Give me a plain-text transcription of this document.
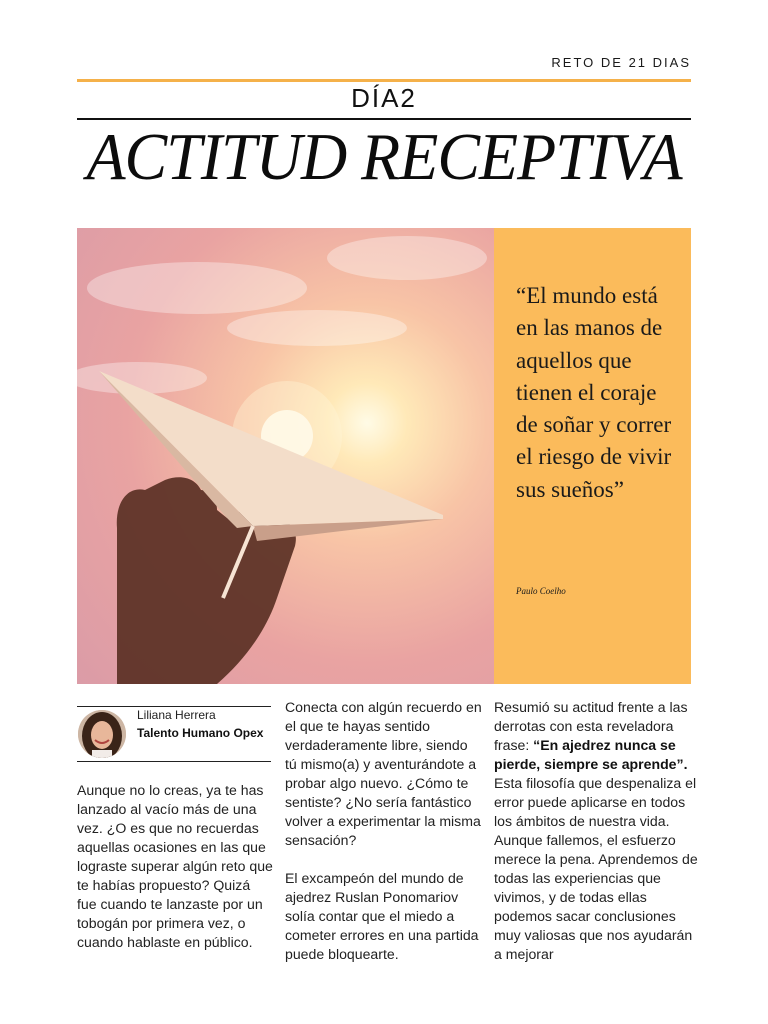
RETO DE 21 DIAS
DÍA2
ACTITUD RECEPTIVA
“El mundo está en las manos de aquellos que tienen el coraje de soñar y correr el riesgo de vivir sus sueños”
Paulo Coelho
Liliana Herrera
Talento Humano Opex

Aunque no lo creas, ya te has lanzado al vacío más de una vez. ¿O es que no recuerdas aquellas ocasiones en las que lograste superar algún reto que te habías propuesto? Quizá fue cuando te lanzaste por un tobogán por primera vez, o cuando hablaste en público.

Conecta con algún recuerdo en el que te hayas sentido verdaderamente libre, siendo tú mismo(a) y aventurándote a probar algo nuevo. ¿Cómo te sentiste? ¿No sería fantástico volver a experimentar la misma sensación?

El excampeón del mundo de ajedrez Ruslan Ponomariov solía contar que el miedo a cometer errores en una partida puede bloquearte.

Resumió su actitud frente a las derrotas con esta reveladora frase: “En ajedrez nunca se pierde, siempre se aprende”.

Esta filosofía que despenaliza el error puede aplicarse en todos los ámbitos de nuestra vida. Aunque fallemos, el esfuerzo merece la pena. Aprendemos de todas las experiencias que vivimos, y de todas ellas podemos sacar conclusiones muy valiosas que nos ayudarán a mejorar
